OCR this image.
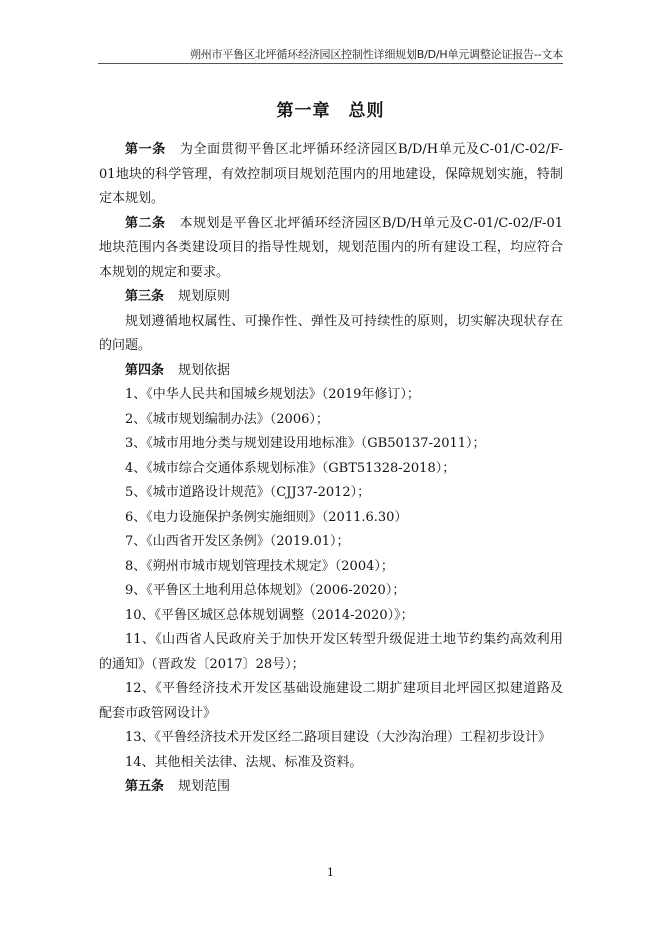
朔州市平鲁区北坪循环经济园区控制性详细规划B/D/H单元调整论证报告--文本
第一章 总则

第一条 为全面贯彻平鲁区北坪循环经济园区B/D/H单元及C-01/C-02/F-01地块的科学管理，有效控制项目规划范围内的用地建设，保障规划实施，特制定本规划。

第二条 本规划是平鲁区北坪循环经济园区B/D/H单元及C-01/C-02/F-01地块范围内各类建设项目的指导性规划，规划范围内的所有建设工程，均应符合本规划的规定和要求。

第三条 规划原则

规划遵循地权属性、可操作性、弹性及可持续性的原则，切实解决现状存在的问题。

第四条 规划依据

1、《中华人民共和国城乡规划法》（2019年修订）；

2、《城市规划编制办法》（2006）；

3、《城市用地分类与规划建设用地标准》（GB50137-2011）；

4、《城市综合交通体系规划标准》（GBT51328-2018）；

5、《城市道路设计规范》（CJJ37-2012）；

6、《电力设施保护条例实施细则》（2011.6.30）

7、《山西省开发区条例》（2019.01）；

8、《朔州市城市规划管理技术规定》（2004）；

9、《平鲁区土地利用总体规划》（2006-2020）；

10、《平鲁区城区总体规划调整（2014-2020）》；

11、《山西省人民政府关于加快开发区转型升级促进土地节约集约高效利用的通知》（晋政发〔2017〕28号）；

12、《平鲁经济技术开发区基础设施建设二期扩建项目北坪园区拟建道路及配套市政管网设计》

13、《平鲁经济技术开发区经二路项目建设（大沙沟治理）工程初步设计》

14、其他相关法律、法规、标准及资料。

第五条 规划范围

1
